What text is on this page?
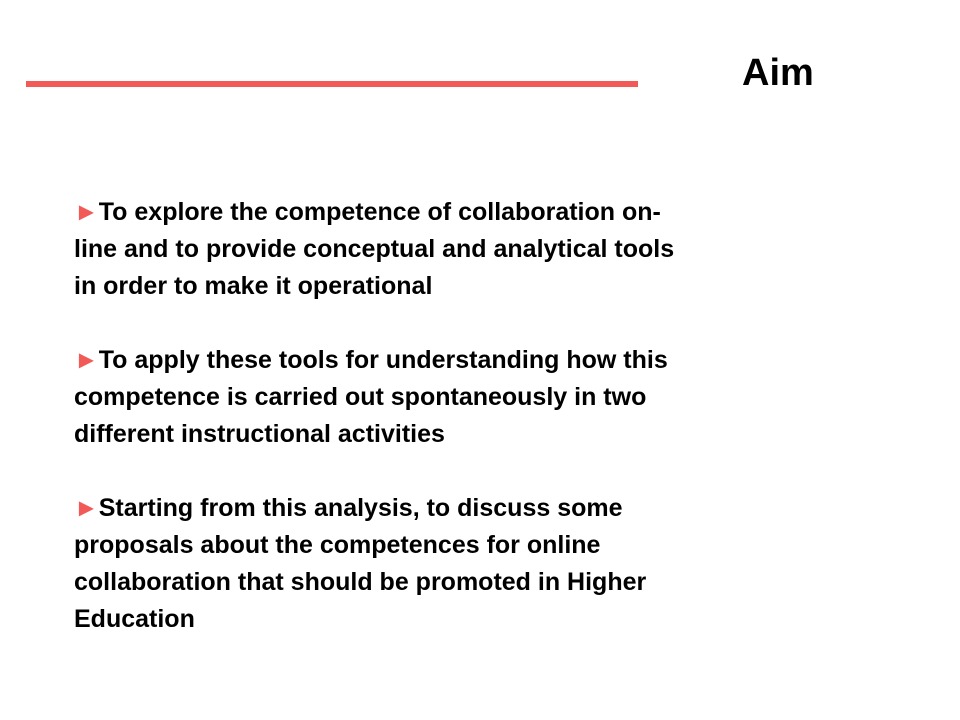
Aim
►To explore the competence of collaboration on-
line and to provide conceptual and analytical tools
in order to make it operational
►To apply these tools for understanding how this
competence is carried out spontaneously in two
different instructional activities
►Starting from this analysis, to discuss some
proposals about the competences for online
collaboration that should be promoted in Higher
Education
